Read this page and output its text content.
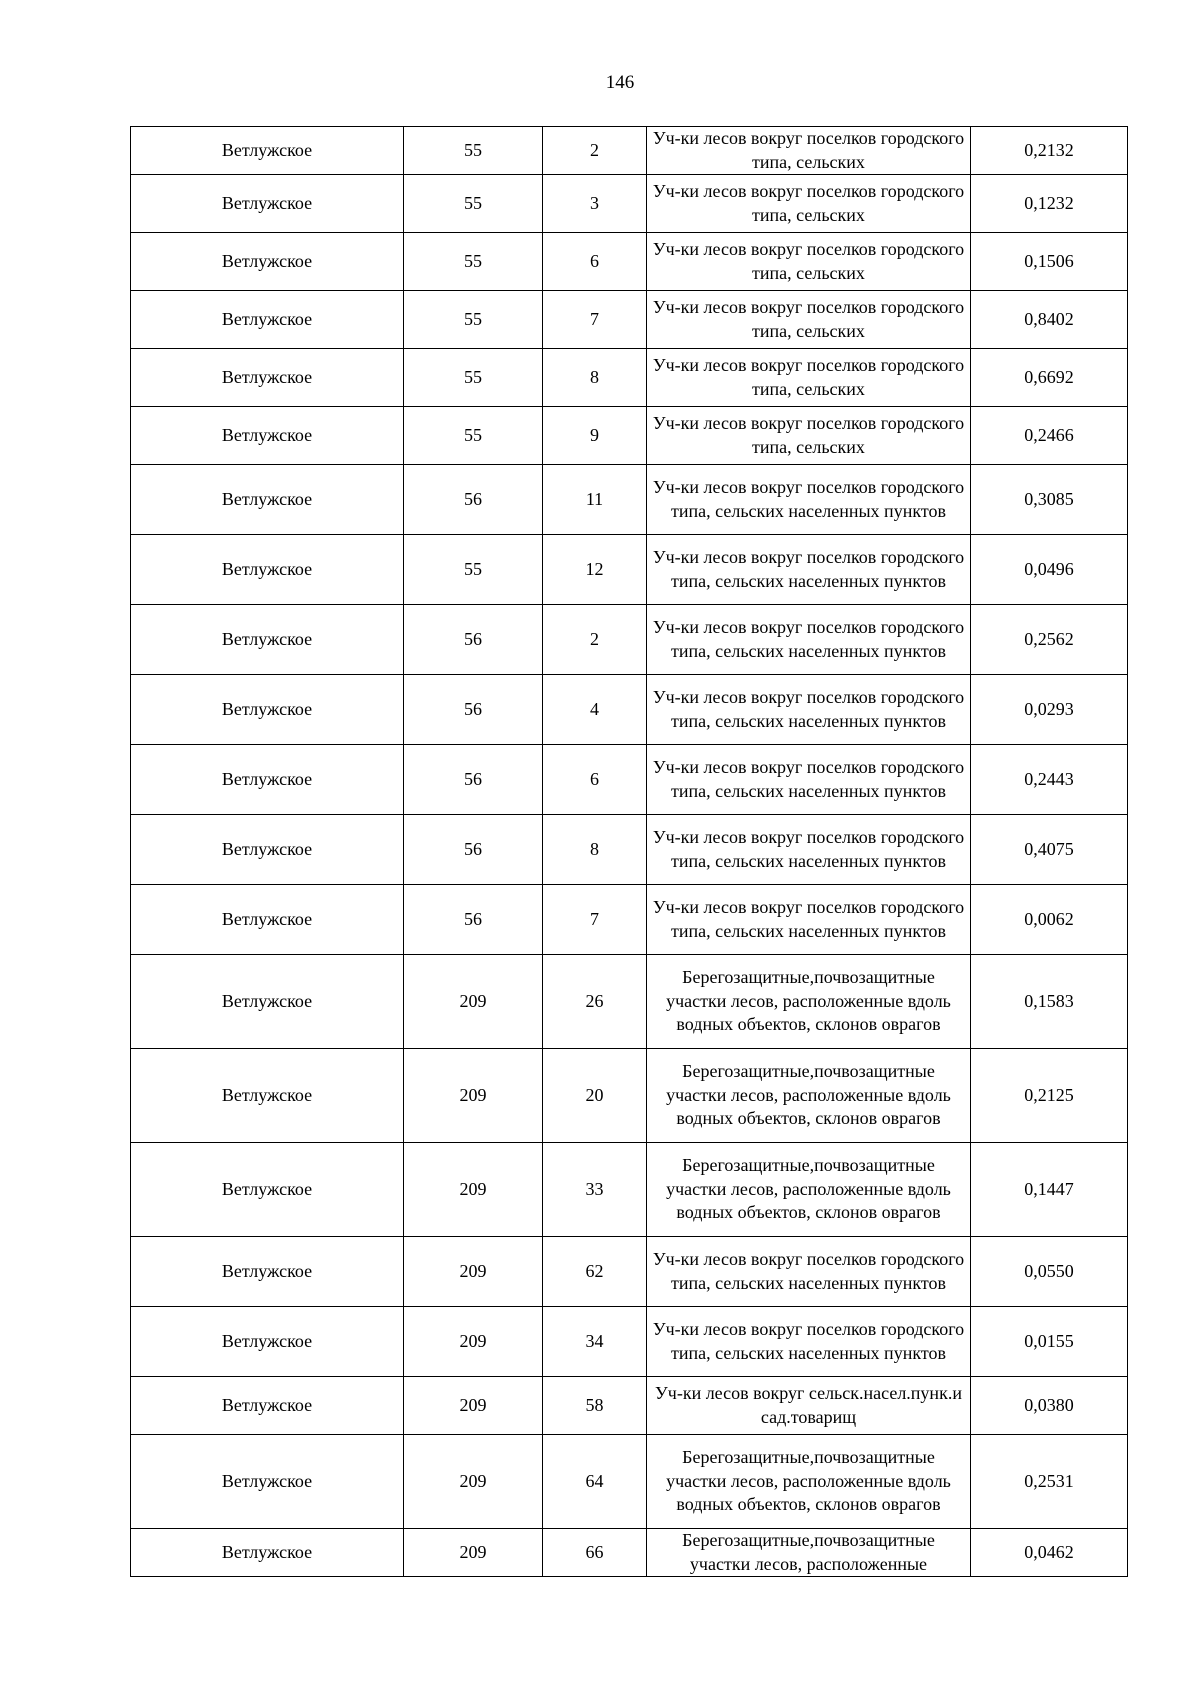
146
Ветлужское	55	2	Уч-ки лесов вокруг поселков городского типа, сельских	0,2132
Ветлужское	55	3	Уч-ки лесов вокруг поселков городского типа, сельских	0,1232
Ветлужское	55	6	Уч-ки лесов вокруг поселков городского типа, сельских	0,1506
Ветлужское	55	7	Уч-ки лесов вокруг поселков городского типа, сельских	0,8402
Ветлужское	55	8	Уч-ки лесов вокруг поселков городского типа, сельских	0,6692
Ветлужское	55	9	Уч-ки лесов вокруг поселков городского типа, сельских	0,2466
Ветлужское	56	11	Уч-ки лесов вокруг поселков городского типа, сельских населенных пунктов	0,3085
Ветлужское	55	12	Уч-ки лесов вокруг поселков городского типа, сельских населенных пунктов	0,0496
Ветлужское	56	2	Уч-ки лесов вокруг поселков городского типа, сельских населенных пунктов	0,2562
Ветлужское	56	4	Уч-ки лесов вокруг поселков городского типа, сельских населенных пунктов	0,0293
Ветлужское	56	6	Уч-ки лесов вокруг поселков городского типа, сельских населенных пунктов	0,2443
Ветлужское	56	8	Уч-ки лесов вокруг поселков городского типа, сельских населенных пунктов	0,4075
Ветлужское	56	7	Уч-ки лесов вокруг поселков городского типа, сельских населенных пунктов	0,0062
Ветлужское	209	26	Берегозащитные,почвозащитные участки лесов, расположенные вдоль водных объектов, склонов оврагов	0,1583
Ветлужское	209	20	Берегозащитные,почвозащитные участки лесов, расположенные вдоль водных объектов, склонов оврагов	0,2125
Ветлужское	209	33	Берегозащитные,почвозащитные участки лесов, расположенные вдоль водных объектов, склонов оврагов	0,1447
Ветлужское	209	62	Уч-ки лесов вокруг поселков городского типа, сельских населенных пунктов	0,0550
Ветлужское	209	34	Уч-ки лесов вокруг поселков городского типа, сельских населенных пунктов	0,0155
Ветлужское	209	58	Уч-ки лесов вокруг сельск.насел.пунк.и сад.товарищ	0,0380
Ветлужское	209	64	Берегозащитные,почвозащитные участки лесов, расположенные вдоль водных объектов, склонов оврагов	0,2531
Ветлужское	209	66	Берегозащитные,почвозащитные участки лесов, расположенные	0,0462
